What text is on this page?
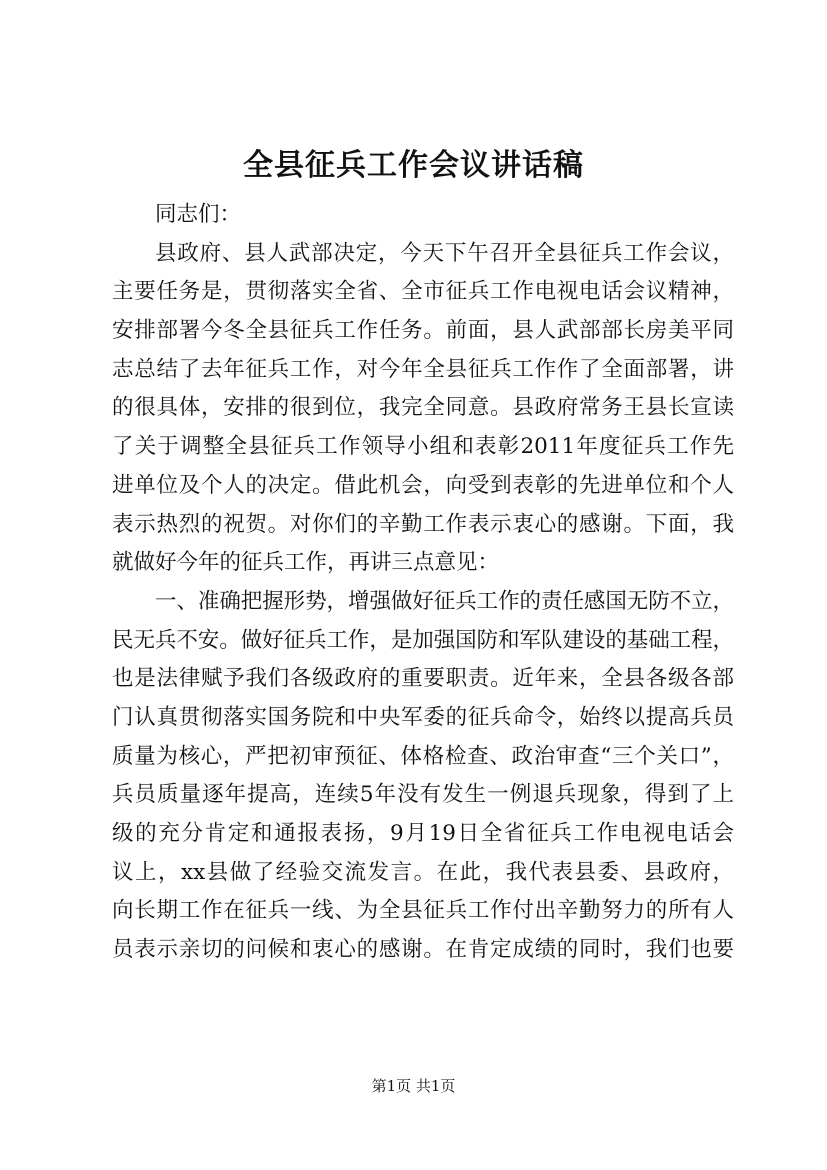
全县征兵工作会议讲话稿
同志们：
县政府、县人武部决定，今天下午召开全县征兵工作会议，
主要任务是，贯彻落实全省、全市征兵工作电视电话会议精神，
安排部署今冬全县征兵工作任务。前面，县人武部部长房美平同
志总结了去年征兵工作，对今年全县征兵工作作了全面部署，讲
的很具体，安排的很到位，我完全同意。县政府常务王县长宣读
了关于调整全县征兵工作领导小组和表彰2011年度征兵工作先
进单位及个人的决定。借此机会，向受到表彰的先进单位和个人
表示热烈的祝贺。对你们的辛勤工作表示衷心的感谢。下面，我
就做好今年的征兵工作，再讲三点意见：
一、准确把握形势，增强做好征兵工作的责任感国无防不立，
民无兵不安。做好征兵工作，是加强国防和军队建设的基础工程，
也是法律赋予我们各级政府的重要职责。近年来，全县各级各部
门认真贯彻落实国务院和中央军委的征兵命令，始终以提高兵员
质量为核心，严把初审预征、体格检查、政治审查“三个关口”，
兵员质量逐年提高，连续5年没有发生一例退兵现象，得到了上
级的充分肯定和通报表扬，9月19日全省征兵工作电视电话会
议上，xx县做了经验交流发言。在此，我代表县委、县政府，
向长期工作在征兵一线、为全县征兵工作付出辛勤努力的所有人
员表示亲切的问候和衷心的感谢。在肯定成绩的同时，我们也要
第1页 共1页
